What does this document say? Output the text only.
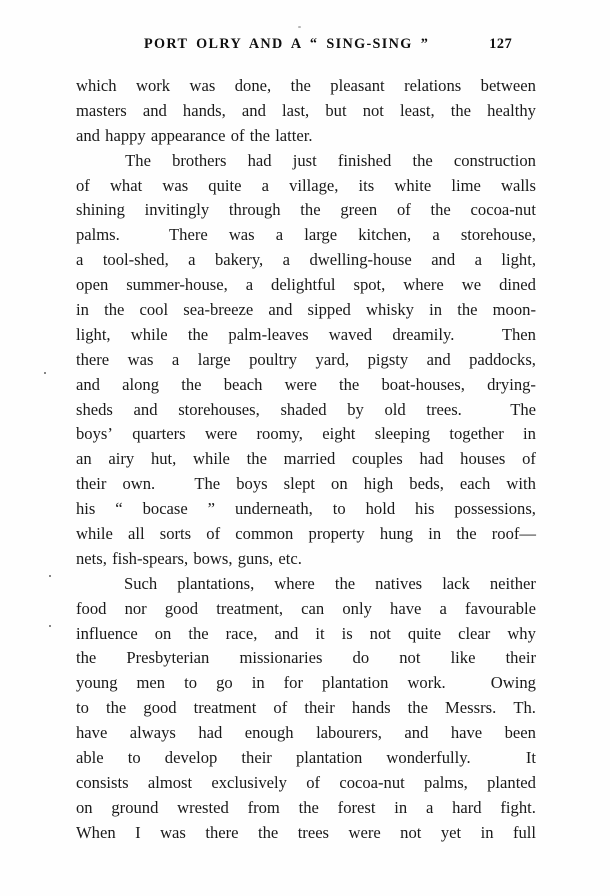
PORT OLRY AND A “ SING-SING ”	127
which work was done, the pleasant relations between
masters and hands, and last, but not least, the healthy
and happy appearance of the latter.
The brothers had just finished the construction
of what was quite a village, its white lime walls
shining invitingly through the green of the cocoa-nut
palms.	There was a large kitchen, a storehouse,
a tool-shed, a bakery, a dwelling-house and a light,
open summer-house, a delightful spot, where we dined
in the cool sea-breeze and sipped whisky in the moon-
light, while the palm-leaves waved dreamily.	Then
there was a large poultry yard, pigsty and paddocks,
and along the beach were the boat-houses, drying-
sheds and storehouses, shaded by old trees.	The
boys’ quarters were roomy, eight sleeping together in
an airy hut, while the married couples had houses of
their own. The boys slept on high beds, each with
his “ bocase ” underneath, to hold his possessions,
while all sorts of common property hung in the roof—
nets, fish-spears, bows, guns, etc.
Such plantations, where the natives lack neither
food nor good treatment, can only have a favourable
influence on the race, and it is not quite clear why
the Presbyterian missionaries do not like their
young men to go in for plantation work.	Owing
to the good treatment of their hands the Messrs. Th.
have always had enough labourers, and have been
able to develop their plantation wonderfully.	It
consists almost exclusively of cocoa-nut palms, planted
on ground wrested from the forest in a hard fight.
When I was there the trees were not yet in full
